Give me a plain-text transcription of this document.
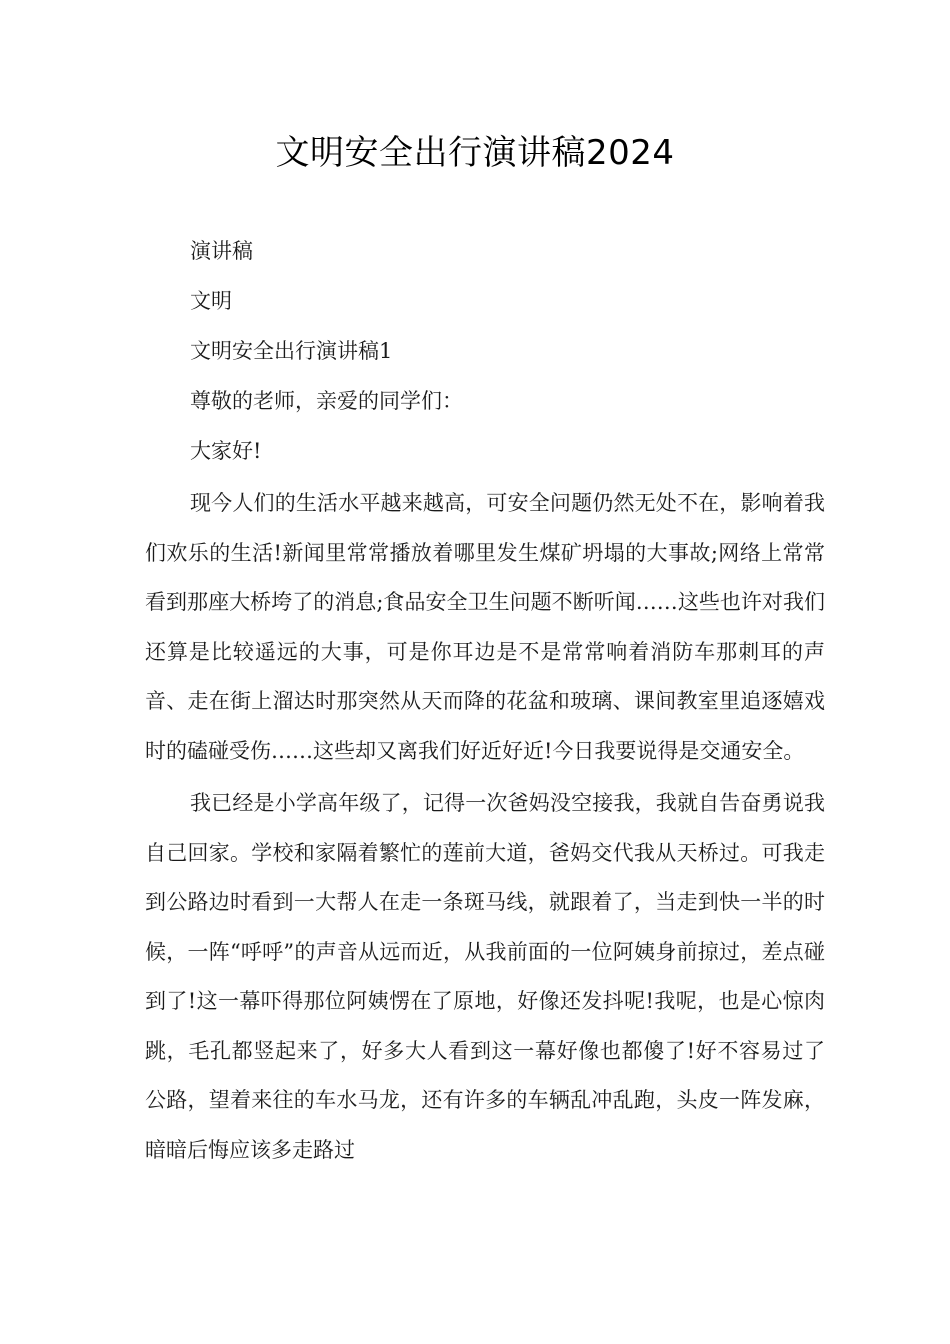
文明安全出行演讲稿2024

演讲稿

文明

文明安全出行演讲稿1

尊敬的老师，亲爱的同学们：

大家好!

现今人们的生活水平越来越高，可安全问题仍然无处不在，影响着我们欢乐的生活!新闻里常常播放着哪里发生煤矿坍塌的大事故;网络上常常看到那座大桥垮了的消息;食品安全卫生问题不断听闻……这些也许对我们还算是比较遥远的大事，可是你耳边是不是常常响着消防车那刺耳的声音、走在街上溜达时那突然从天而降的花盆和玻璃、课间教室里追逐嬉戏时的磕碰受伤……这些却又离我们好近好近!今日我要说得是交通安全。

我已经是小学高年级了，记得一次爸妈没空接我，我就自告奋勇说我自己回家。学校和家隔着繁忙的莲前大道，爸妈交代我从天桥过。可我走到公路边时看到一大帮人在走一条斑马线，就跟着了，当走到快一半的时候，一阵“呼呼”的声音从远而近，从我前面的一位阿姨身前掠过，差点碰到了!这一幕吓得那位阿姨愣在了原地，好像还发抖呢!我呢，也是心惊肉跳，毛孔都竖起来了，好多大人看到这一幕好像也都傻了!好不容易过了公路，望着来往的车水马龙，还有许多的车辆乱冲乱跑，头皮一阵发麻，暗暗后悔应该多走路过
